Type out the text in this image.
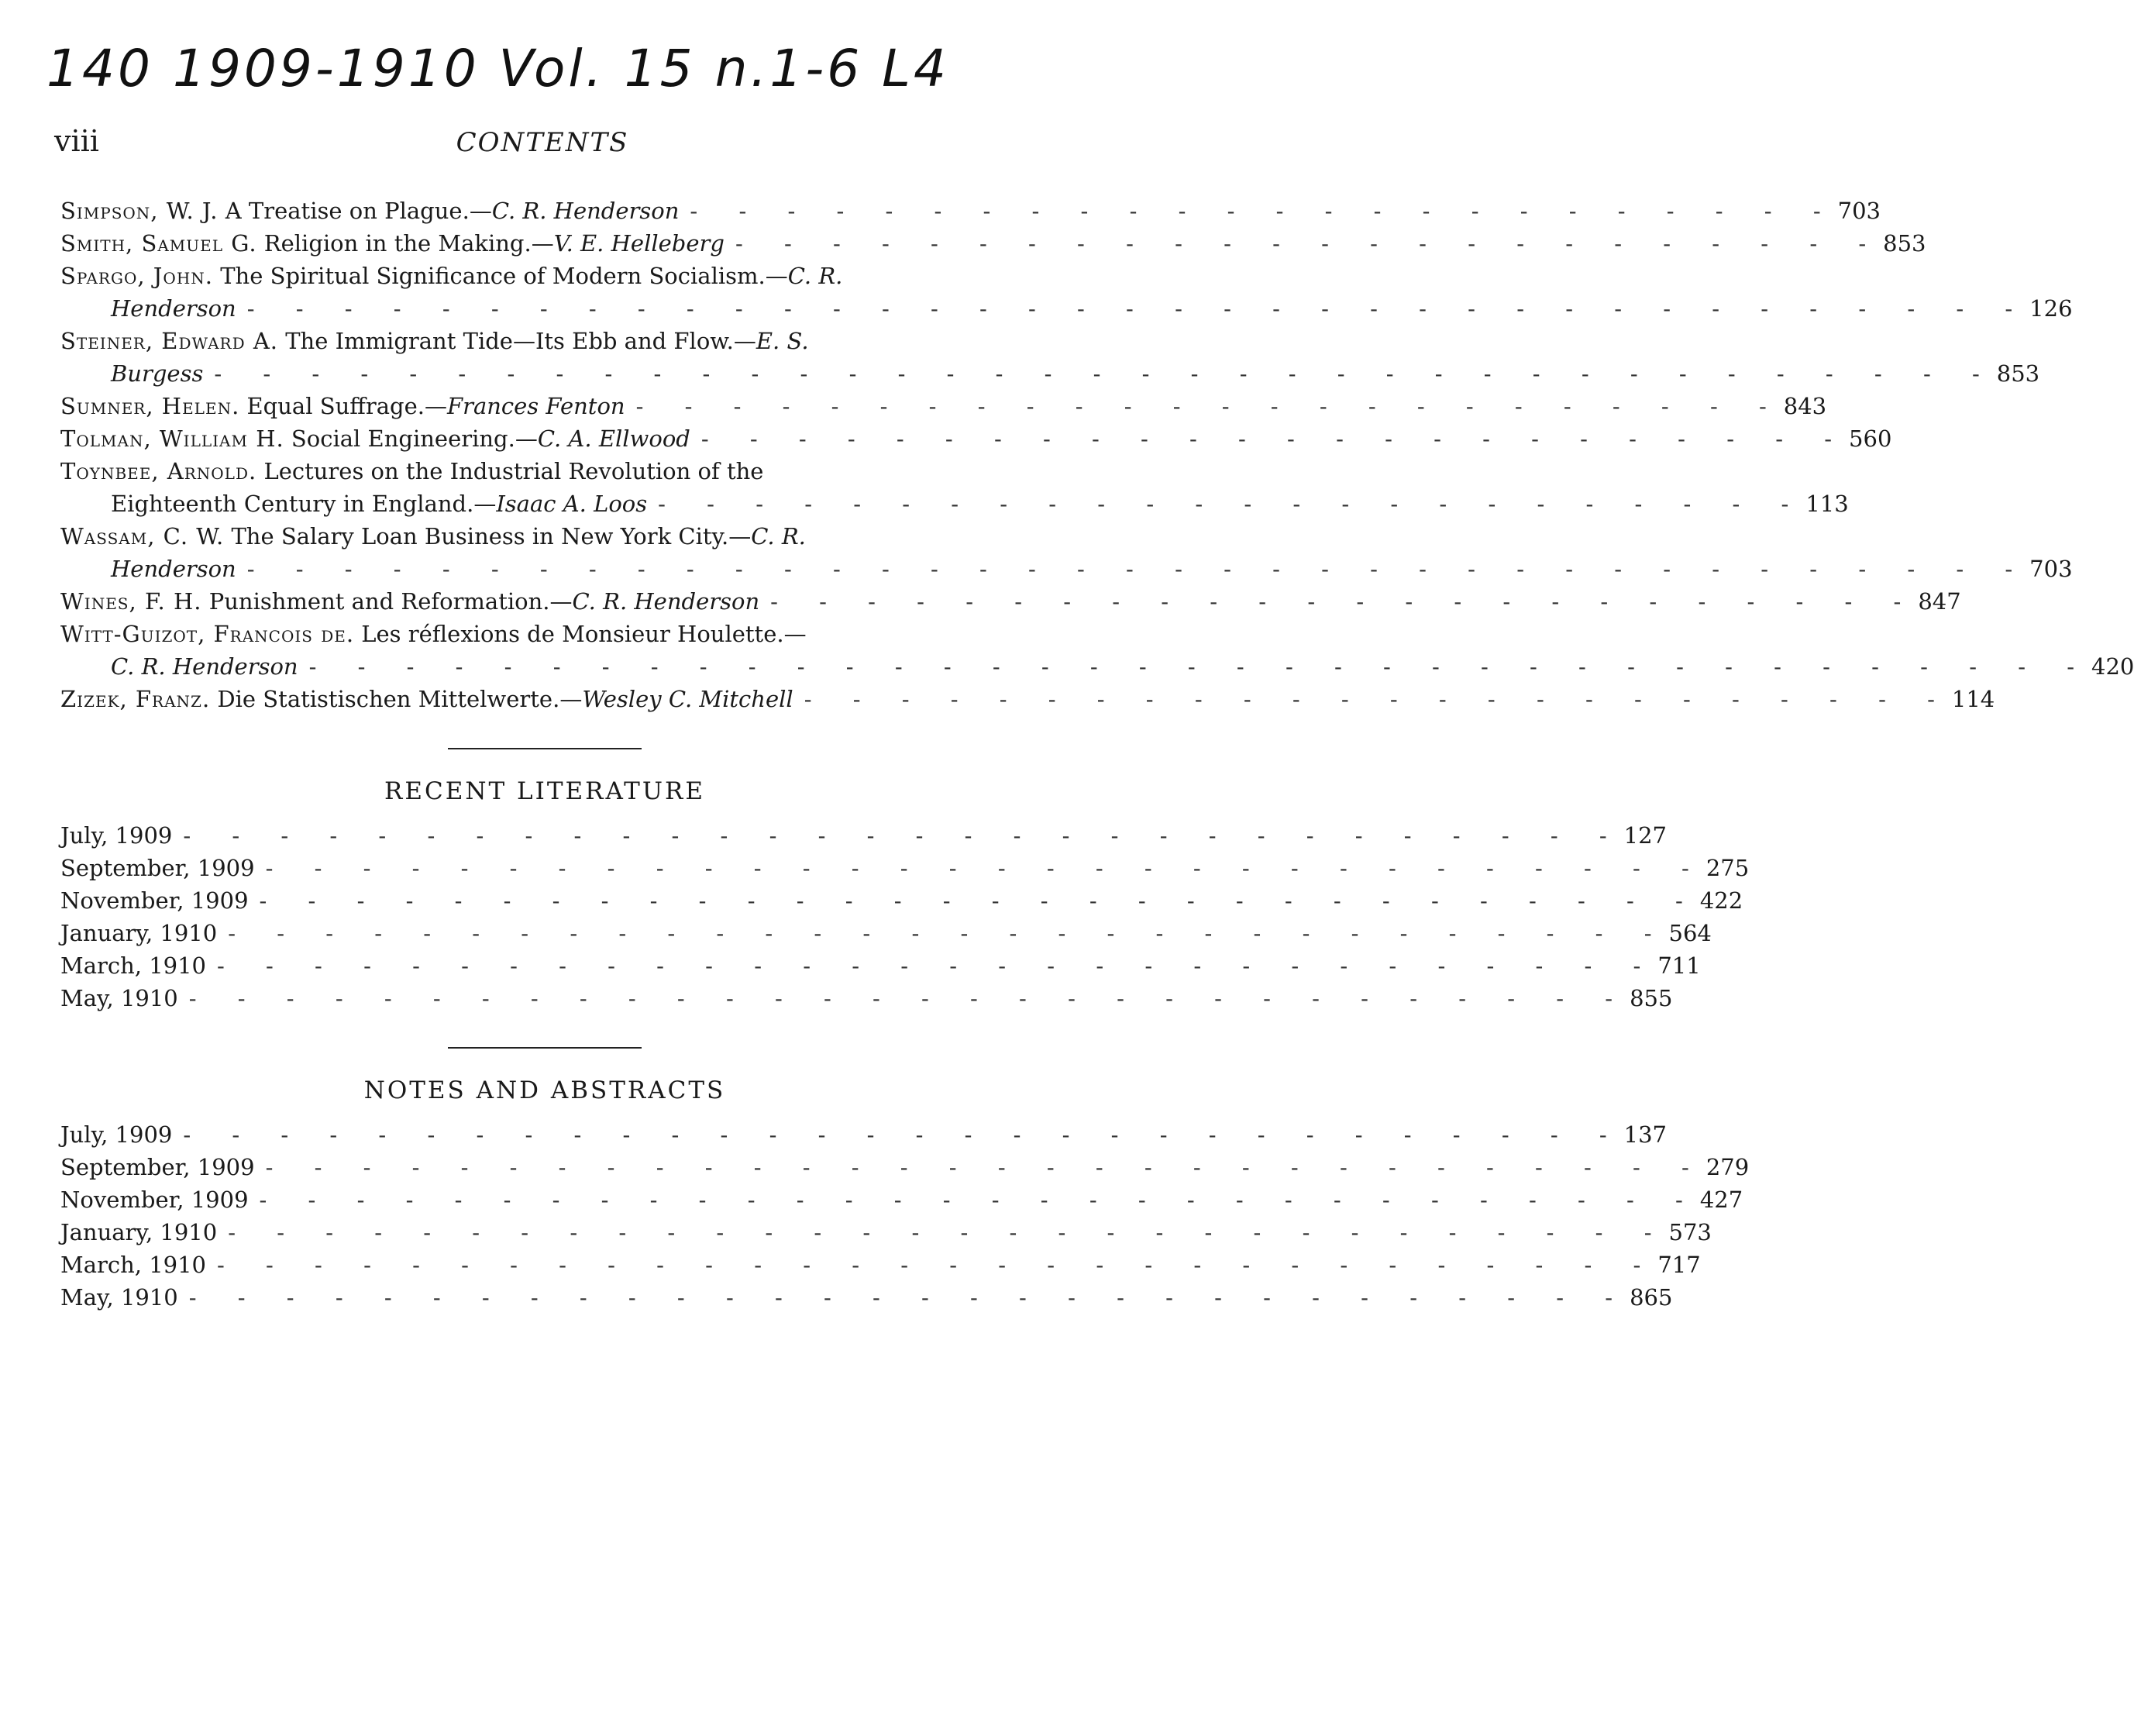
140 1909-1910 Vol. 15 n.1-6 L4
viii	CONTENTS
Simpson, W. J.
A Treatise on Plague. — C. R. Henderson - - - - - - - - - - - - - - - - - - - - - - - - 703
Smith, Samuel G.
Religion in the Making. — V. E. Helleberg - - - - - - - - - - - - - - - - - - - - - - - - 853
Spargo, John.
The Spiritual Significance of Modern Socialism.— C. R.
Henderson - - - - - - - - - - - - - - - - - - - - - - - - - - - - - - - - - - - - - 126
Steiner, Edward A.
The Immigrant Tide—Its Ebb and Flow.— E. S.
Burgess - - - - - - - - - - - - - - - - - - - - - - - - - - - - - - - - - - - - - 853
Sumner, Helen.
Equal Suffrage. — Frances Fenton - - - - - - - - - - - - - - - - - - - - - - - - 843
Tolman, William H.
Social Engineering. — C. A. Ellwood - - - - - - - - - - - - - - - - - - - - - - - - 560
Toynbee, Arnold.
Lectures on the Industrial Revolution of the
Eighteenth Century in England.— Isaac A. Loos - - - - - - - - - - - - - - - - - - - - - - - - 113
Wassam, C. W.
The Salary Loan Business in New York City.— C. R.
Henderson - - - - - - - - - - - - - - - - - - - - - - - - - - - - - - - - - - - - - 703
Wines, F. H.
Punishment and Reformation. — C. R. Henderson - - - - - - - - - - - - - - - - - - - - - - - - 847
Witt-Guizot, Francois de.
Les réflexions de Monsieur Houlette.—
C. R. Henderson - - - - - - - - - - - - - - - - - - - - - - - - - - - - - - - - - - - - - 420
Zizek, Franz.
Die Statistischen Mittelwerte. — Wesley C. Mitchell - - - - - - - - - - - - - - - - - - - - - - - - 114
RECENT LITERATURE
July, 1909 - - - - - - - - - - - - - - - - - - - - - - - - - - - - - - 127
September, 1909 - - - - - - - - - - - - - - - - - - - - - - - - - - - - - - 275
November, 1909 - - - - - - - - - - - - - - - - - - - - - - - - - - - - - - 422
January, 1910 - - - - - - - - - - - - - - - - - - - - - - - - - - - - - - 564
March, 1910 - - - - - - - - - - - - - - - - - - - - - - - - - - - - - - 711
May, 1910 - - - - - - - - - - - - - - - - - - - - - - - - - - - - - - 855
NOTES AND ABSTRACTS
July, 1909 - - - - - - - - - - - - - - - - - - - - - - - - - - - - - - 137
September, 1909 - - - - - - - - - - - - - - - - - - - - - - - - - - - - - - 279
November, 1909 - - - - - - - - - - - - - - - - - - - - - - - - - - - - - - 427
January, 1910 - - - - - - - - - - - - - - - - - - - - - - - - - - - - - - 573
March, 1910 - - - - - - - - - - - - - - - - - - - - - - - - - - - - - - 717
May, 1910 - - - - - - - - - - - - - - - - - - - - - - - - - - - - - - 865
